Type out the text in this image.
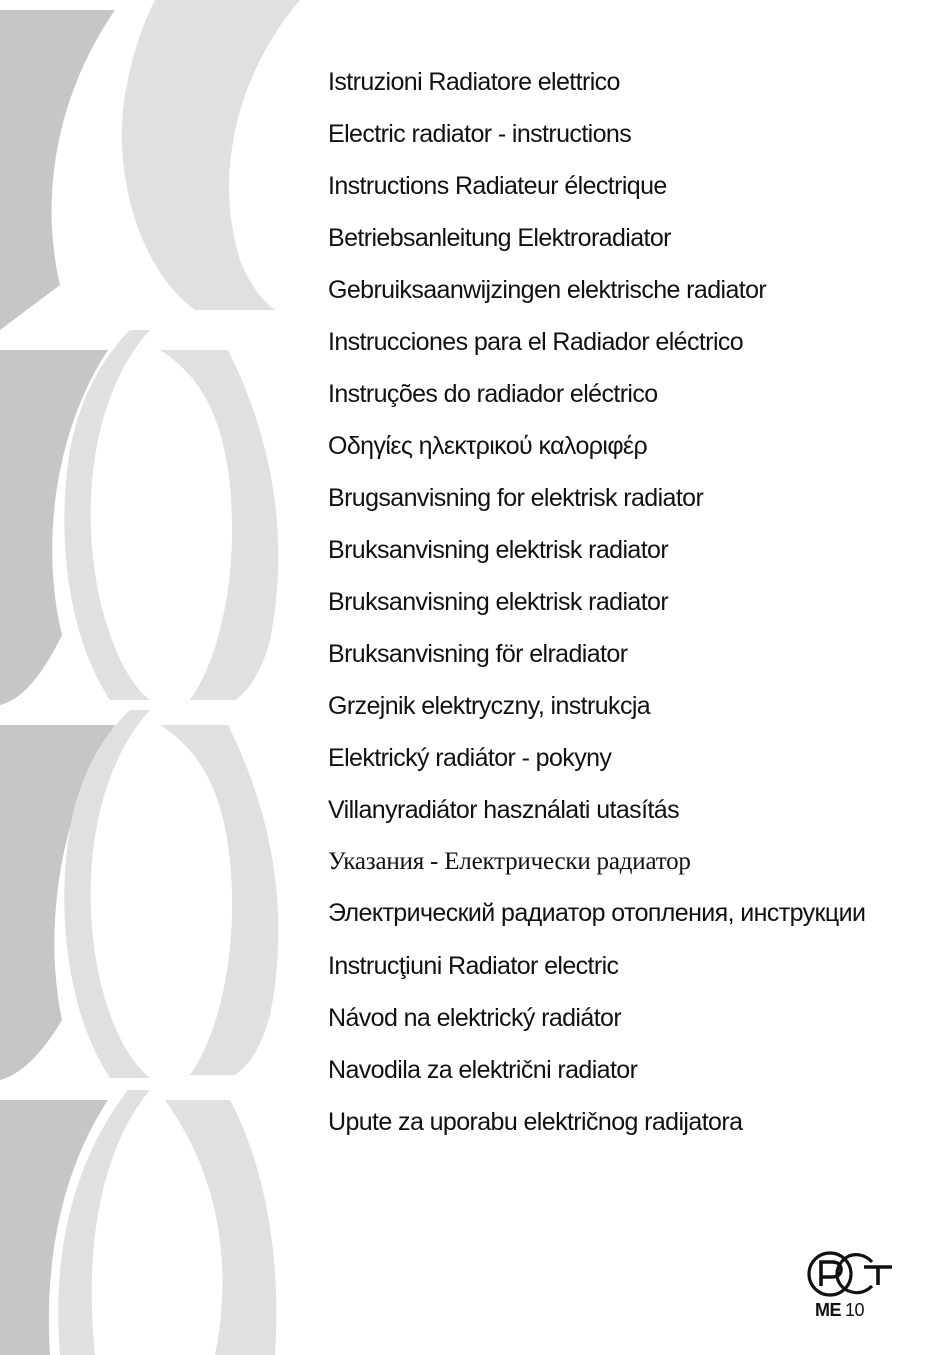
Istruzioni Radiatore elettrico
Electric radiator - instructions
Instructions Radiateur électrique
Betriebsanleitung Elektroradiator
Gebruiksaanwijzingen elektrische radiator
Instrucciones para el Radiador eléctrico
Instruções do radiador eléctrico
Οδηγίες ηλεκτρικού καλοριφέρ
Brugsanvisning for elektrisk radiator
Bruksanvisning elektrisk radiator
Bruksanvisning elektrisk radiator
Bruksanvisning för elradiator
Grzejnik elektryczny, instrukcja
Elektrický radiátor - pokyny
Villanyradiátor használati utasítás
Указания - Електрически радиатор
Электрический радиатор отопления, инструкции
Instrucţiuni Radiator electric
Návod na elektrický radiátor
Navodila za električni radiator
Upute za uporabu električnog radijatora
ME 10
